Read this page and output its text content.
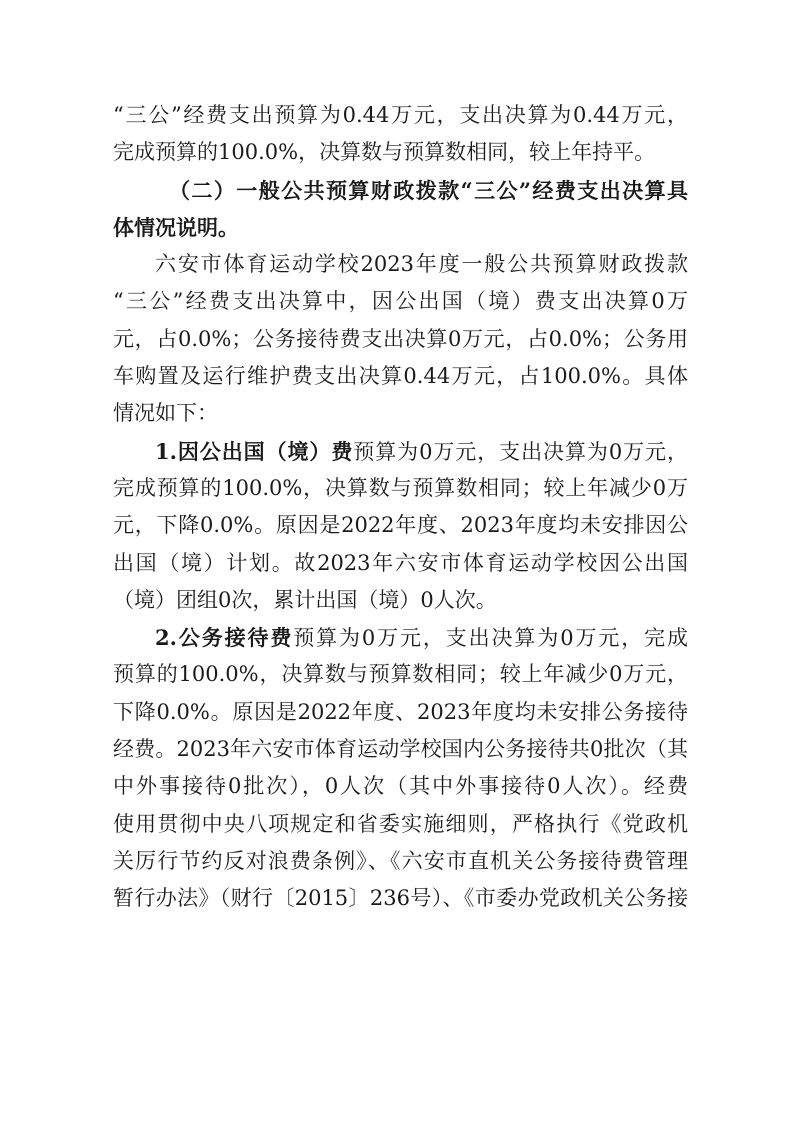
“三公”经费支出预算为0.44万元，支出决算为0.44万元，
完成预算的100.0%，决算数与预算数相同，较上年持平。
（二）一般公共预算财政拨款“三公”经费支出决算具
体情况说明。
六安市体育运动学校2023年度一般公共预算财政拨款
“三公”经费支出决算中，因公出国（境）费支出决算0万
元，占0.0%；公务接待费支出决算0万元，占0.0%；公务用
车购置及运行维护费支出决算0.44万元，占100.0%。具体
情况如下：
1.因公出国（境）费预算为0万元，支出决算为0万元，
完成预算的100.0%，决算数与预算数相同；较上年减少0万
元，下降0.0%。原因是2022年度、2023年度均未安排因公
出国（境）计划。故2023年六安市体育运动学校因公出国
（境）团组0次，累计出国（境）0人次。
2.公务接待费预算为0万元，支出决算为0万元，完成
预算的100.0%，决算数与预算数相同；较上年减少0万元，
下降0.0%。原因是2022年度、2023年度均未安排公务接待
经费。2023年六安市体育运动学校国内公务接待共0批次（其
中外事接待0批次），0人次（其中外事接待0人次）。经费
使用贯彻中央八项规定和省委实施细则，严格执行《党政机
关厉行节约反对浪费条例》、《六安市直机关公务接待费管理
暂行办法》（财行〔2015〕236号）、《市委办党政机关公务接
